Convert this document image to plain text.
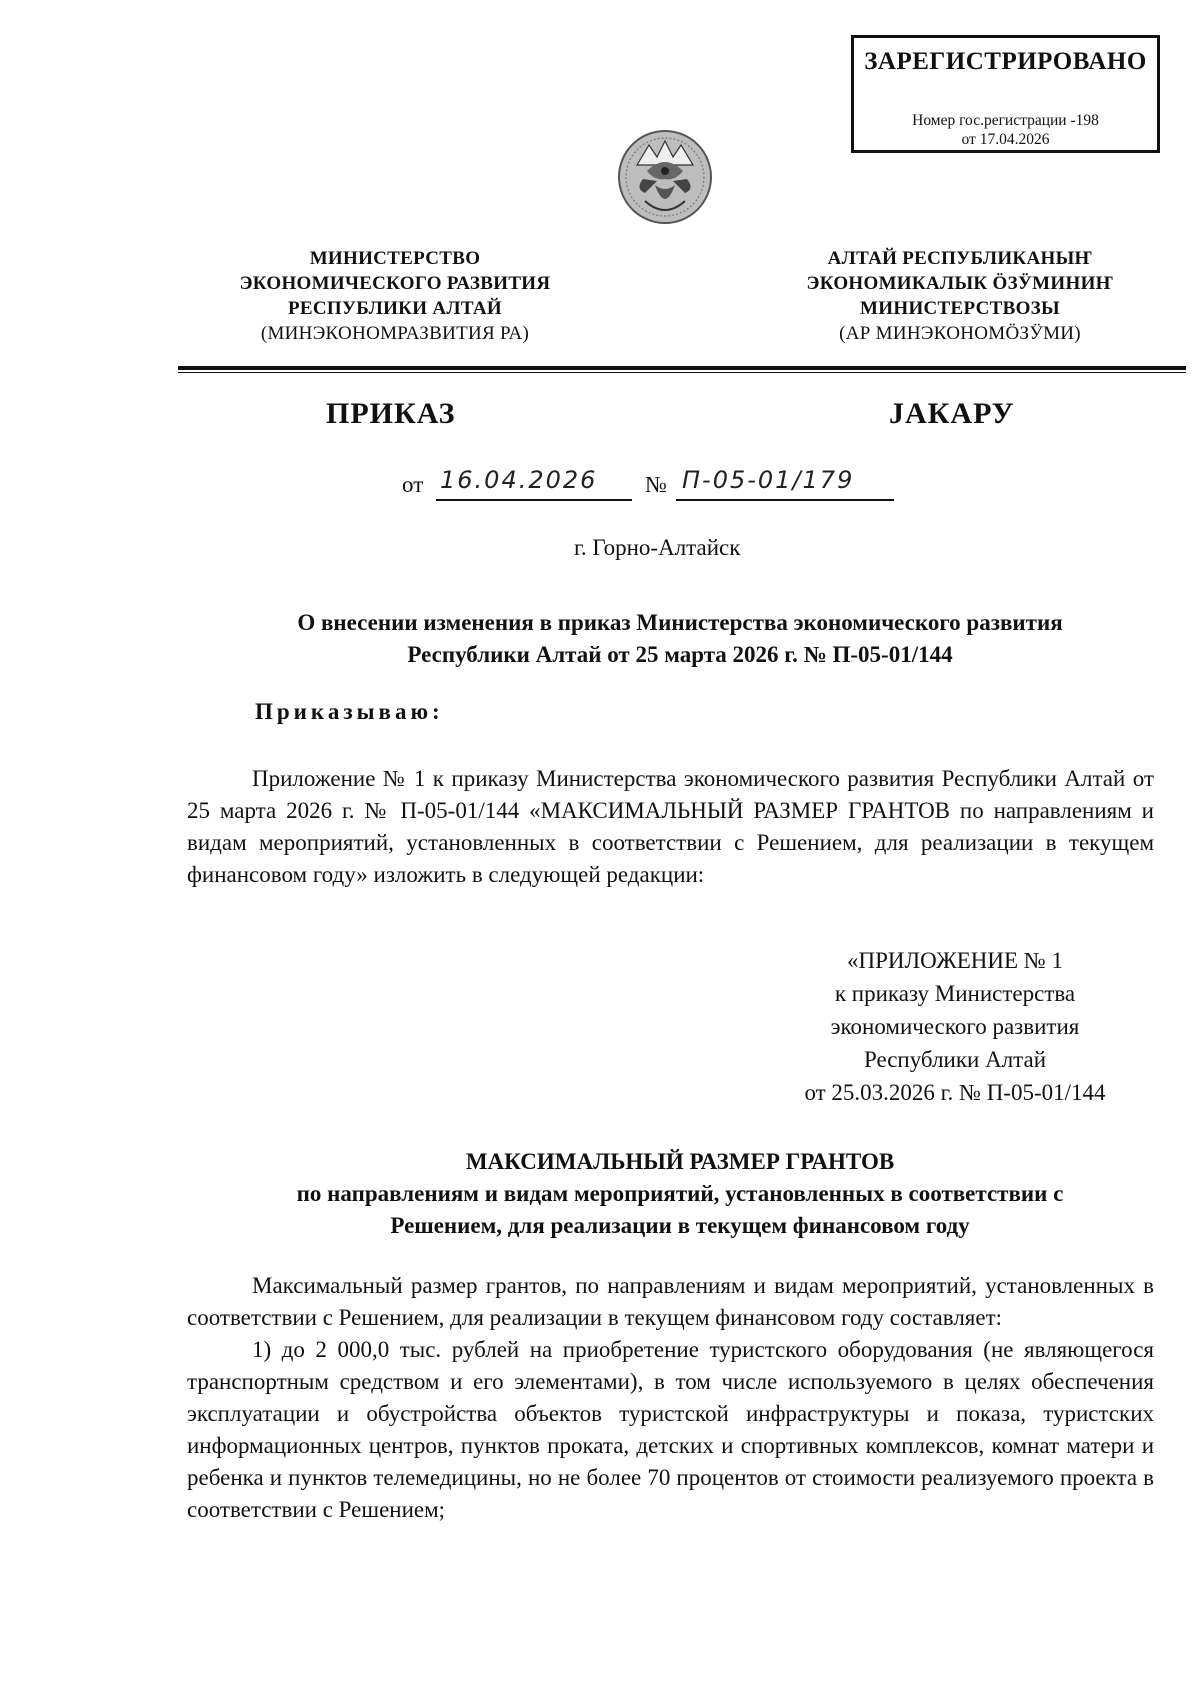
ЗАРЕГИСТРИРОВАНО
Номер гос.регистрации -198
от 17.04.2026
МИНИСТЕРСТВО
ЭКОНОМИЧЕСКОГО РАЗВИТИЯ
РЕСПУБЛИКИ АЛТАЙ
(МИНЭКОНОМРАЗВИТИЯ РА)
АЛТАЙ РЕСПУБЛИКАНЫҤ
ЭКОНОМИКАЛЫК ӦЗӰМИНИҤ
МИНИСТЕРСТВОЗЫ
(АР МИНЭКОНОМӦЗӰМИ)
ПРИКАЗ	ЈАКАРУ
от 16.04.2026 № П-05-01/179
г. Горно-Алтайск
О внесении изменения в приказ Министерства экономического развития
Республики Алтай от 25 марта 2026 г. № П-05-01/144
Приказываю:
Приложение № 1 к приказу Министерства экономического развития Республики Алтай от 25 марта 2026 г. № П-05-01/144 «МАКСИМАЛЬНЫЙ РАЗМЕР ГРАНТОВ по направлениям и видам мероприятий, установленных в соответствии с Решением, для реализации в текущем финансовом году» изложить в следующей редакции:
«ПРИЛОЖЕНИЕ № 1
к приказу Министерства
экономического развития
Республики Алтай
от 25.03.2026 г. № П-05-01/144
МАКСИМАЛЬНЫЙ РАЗМЕР ГРАНТОВ
по направлениям и видам мероприятий, установленных в соответствии с
Решением, для реализации в текущем финансовом году
Максимальный размер грантов, по направлениям и видам мероприятий, установленных в соответствии с Решением, для реализации в текущем финансовом году составляет:
1) до 2 000,0 тыс. рублей на приобретение туристского оборудования (не являющегося транспортным средством и его элементами), в том числе используемого в целях обеспечения эксплуатации и обустройства объектов туристской инфраструктуры и показа, туристских информационных центров, пунктов проката, детских и спортивных комплексов, комнат матери и ребенка и пунктов телемедицины, но не более 70 процентов от стоимости реализуемого проекта в соответствии с Решением;
